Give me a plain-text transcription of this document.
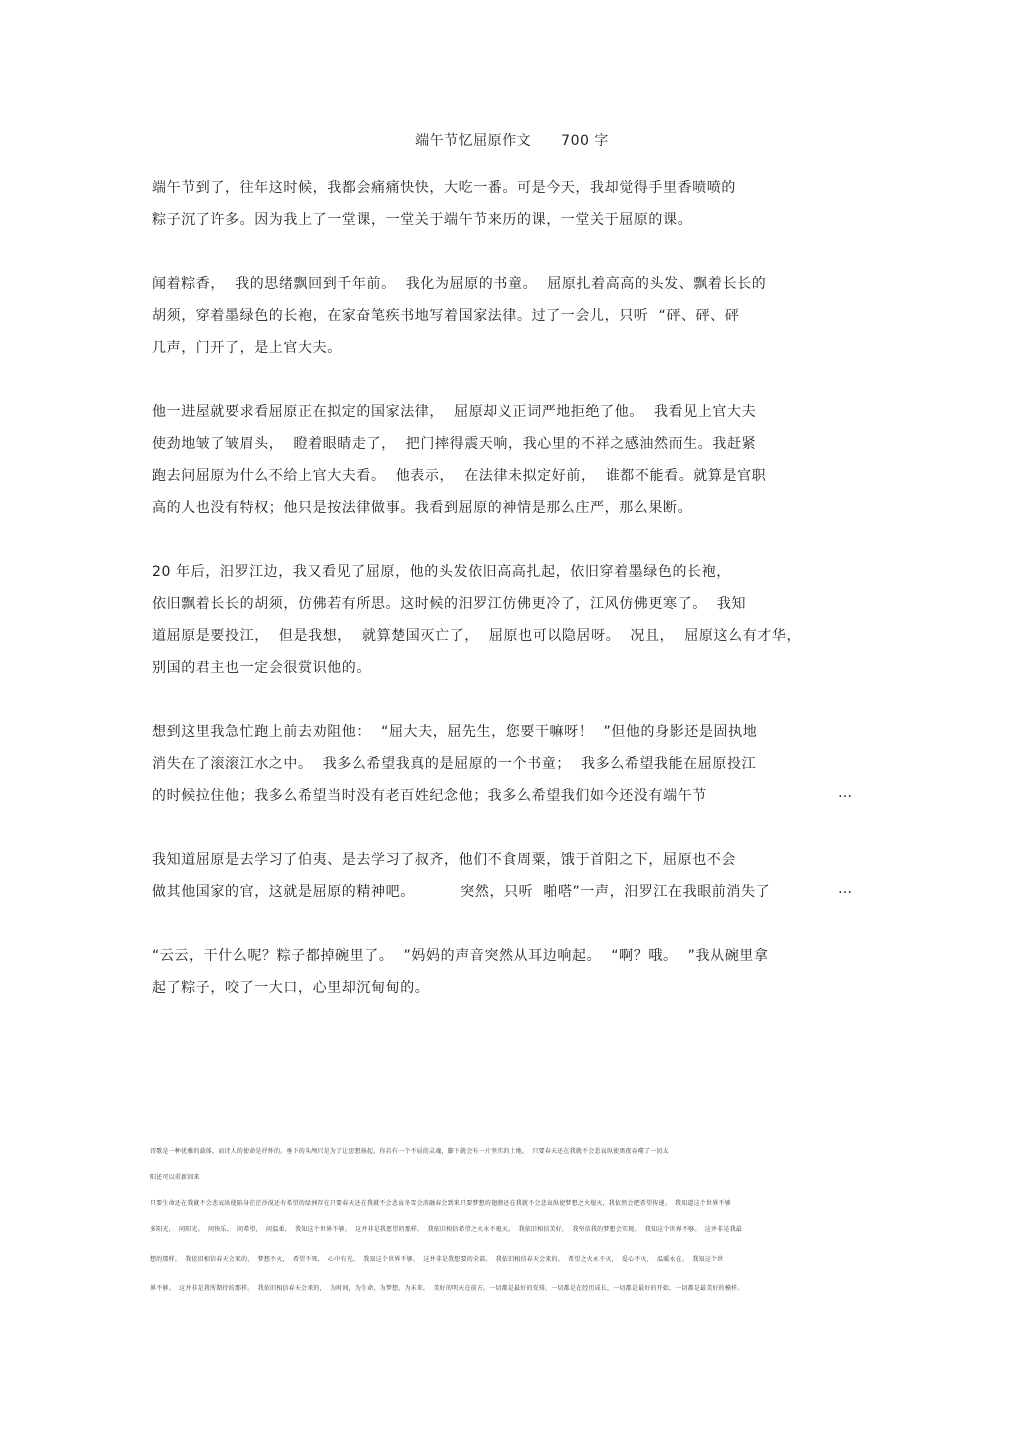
端午节忆屈原作文 700 字
端午节到了，往年这时候，我都会痛痛快快，大吃一番。可是今天，我却觉得手里香喷喷的
粽子沉了许多。因为我上了一堂课，一堂关于端午节来历的课，一堂关于屈原的课。
闻着粽香，  我的思绪飘回到千年前。  我化为屈原的书童。  屈原扎着高高的头发、飘着长长的
胡须，穿着墨绿色的长袍，在家奋笔疾书地写着国家法律。过了一会儿，只听  “砰、砰、砰
几声，门开了，是上官大夫。
他一进屋就要求看屈原正在拟定的国家法律，  屈原却义正词严地拒绝了他。  我看见上官大夫
使劲地皱了皱眉头，  瞪着眼睛走了，  把门摔得震天响，我心里的不祥之感油然而生。我赶紧
跑去问屈原为什么不给上官大夫看。  他表示，  在法律未拟定好前，  谁都不能看。就算是官职
高的人也没有特权；他只是按法律做事。我看到屈原的神情是那么庄严，那么果断。
20 年后，汨罗江边，我又看见了屈原，他的头发依旧高高扎起，依旧穿着墨绿色的长袍，
依旧飘着长长的胡须，仿佛若有所思。这时候的汨罗江仿佛更冷了，江风仿佛更寒了。  我知
道屈原是要投江，  但是我想，  就算楚国灭亡了，  屈原也可以隐居呀。  况且，  屈原这么有才华，
别国的君主也一定会很赏识他的。
想到这里我急忙跑上前去劝阻他：  “屈大夫，屈先生，您要干嘛呀！  ”但他的身影还是固执地
消失在了滚滚江水之中。  我多么希望我真的是屈原的一个书童；  我多么希望我能在屈原投江
的时候拉住他；我多么希望当时没有老百姓纪念他；我多么希望我们如今还没有端午节	…
我知道屈原是去学习了伯夷、是去学习了叔齐，他们不食周粟，饿于首阳之下，屈原也不会
做其他国家的官，这就是屈原的精神吧。         突然，只听  啪嗒”一声，汨罗江在我眼前消失了	…
“云云，干什么呢？粽子都掉碗里了。  ”妈妈的声音突然从耳边响起。  “啊？哦。  ”我从碗里拿
起了粽子，咬了一大口，心里却沉甸甸的。
诗歌是一种优雅的载体，而诗人的使命是抒怀的。垂下的头颅只是为了让思想扬起，你若有一个不屈的灵魂，脚下就会有一片坚实的土地。  只要春天还在我就不会悲哀纵使黑夜吞噬了一切太
阳还可以重新回来
只要生命还在我就不会悲哀纵使陷身茫茫沙漠还有希望的绿洲存在只要春天还在我就不会悲哀冬雪会消融春会到来只要梦想的翅膀还在我就不会悲哀纵使梦想之火熄灭，我依然会把希望传递。  我知道这个世界不够
多阳光，  问阳光。  问快乐。  问希望，  问温柔。  我知这个世界不够。  这并非是我愿望的那样。  我依旧相信希望之火永不熄灭。  我依旧相信美好，  我坚信我的梦想会实现。  我知这个世界不够。  这并非是我最
想的那样。  我依旧相信春天会来的，  梦想不灭，  希望不死，  心中有光。  我知这个世界不够。  这并非是我想要的全部。  我依旧相信春天会来的。  希望之火永不灭，  爱心不灭，  温暖永在。  我知这个世
界不够。  这并非是我所期待的那样。  我依旧相信春天会来的，  为时间，为生命，为梦想，为未来。  美好的明天在前方。一切都是最好的安排，一切都是在经历成长，一切都是最好的开始，一切都是最美好的模样。
